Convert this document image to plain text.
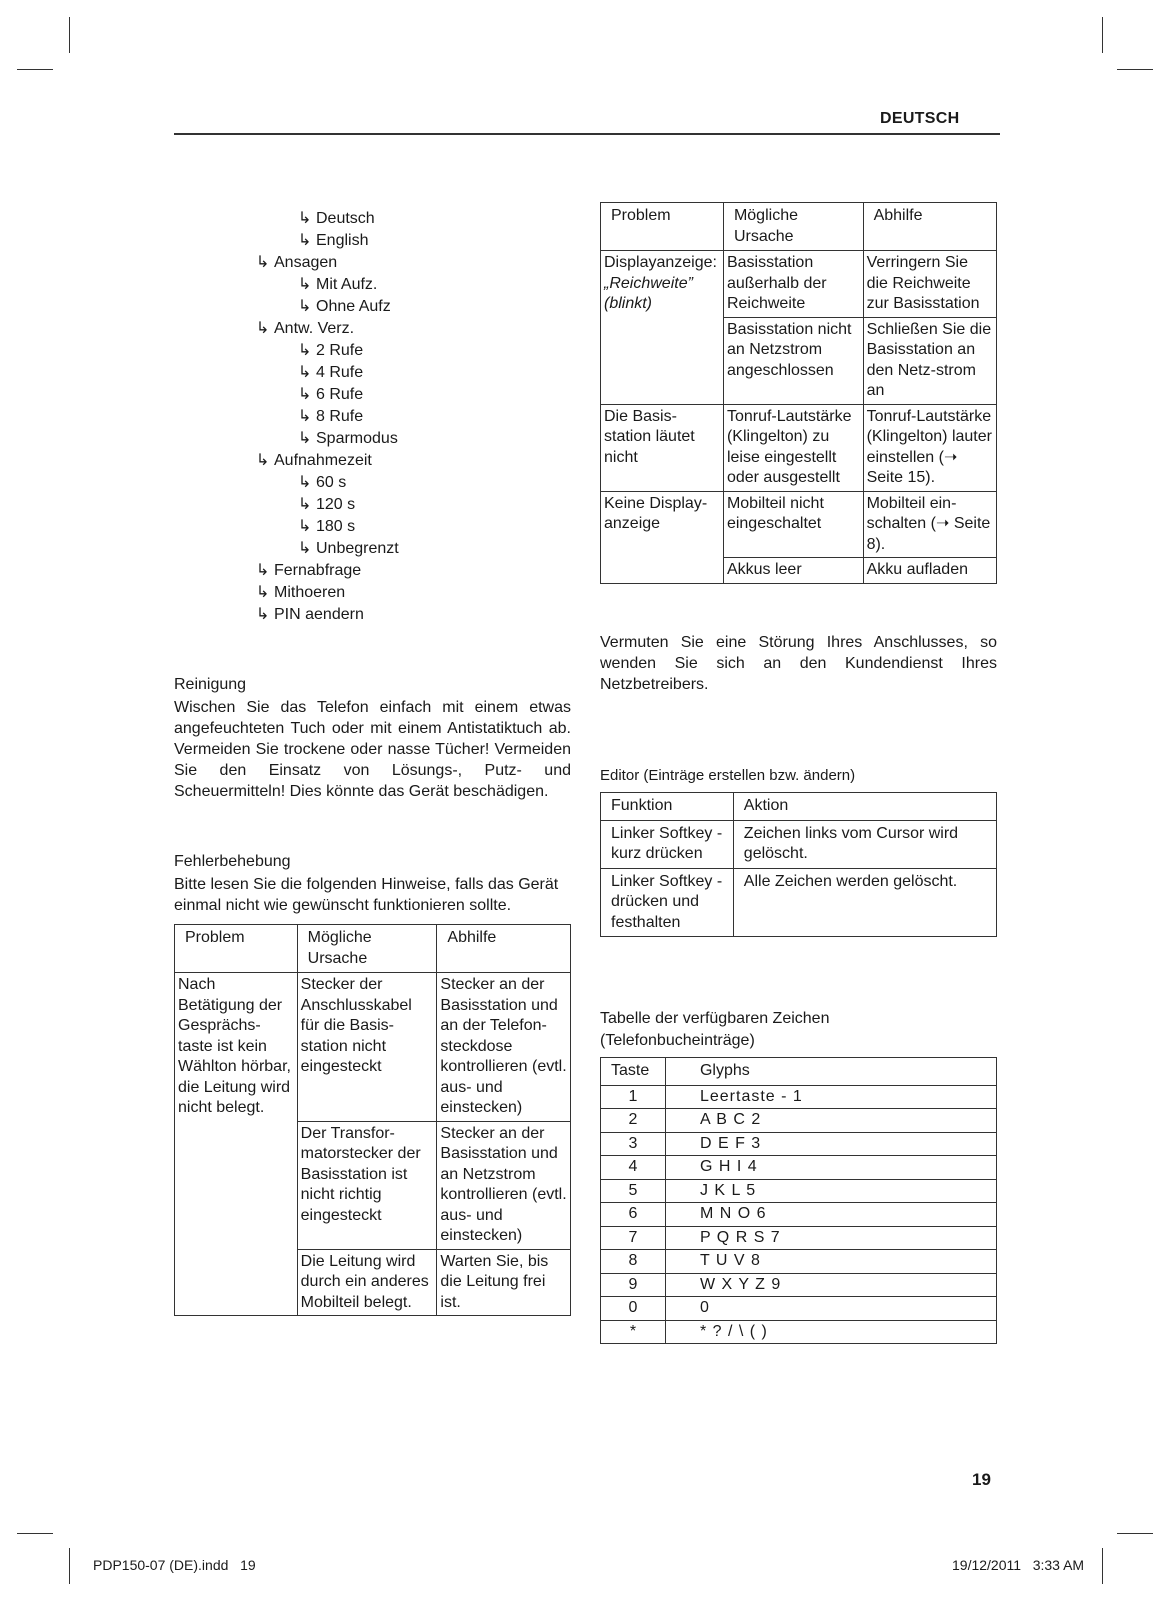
DEUTSCH
↳ Deutsch
↳ English
↳ Ansagen
↳ Mit Aufz.
↳ Ohne Aufz
↳ Antw. Verz.
↳ 2 Rufe
↳ 4 Rufe
↳ 6 Rufe
↳ 8 Rufe
↳ Sparmodus
↳ Aufnahmezeit
↳ 60 s
↳ 120 s
↳ 180 s
↳ Unbegrenzt
↳ Fernabfrage
↳ Mithoeren
↳ PIN aendern
Reinigung
Wischen Sie das Telefon einfach mit einem etwas angefeuchteten Tuch oder mit einem Antistatiktuch ab. Vermeiden Sie trockene oder nasse Tücher! Vermeiden Sie den Einsatz von Lösungs-, Putz- und Scheuermitteln! Dies könnte das Gerät beschädigen.
Fehlerbehebung
Bitte lesen Sie die folgenden Hinweise, falls das Gerät einmal nicht wie gewünscht funktionieren sollte.
Problem	Mögliche Ursache	Abhilfe
Nach Betätigung der Gesprächs-taste ist kein Wählton hörbar, die Leitung wird nicht belegt.	Stecker der Anschlusskabel für die Basis-station nicht eingesteckt	Stecker an der Basisstation und an der Telefon-steckdose kontrollieren (evtl. aus- und einstecken)
	Der Transfor-matorstecker der Basisstation ist nicht richtig eingesteckt	Stecker an der Basisstation und an Netzstrom kontrollieren (evtl. aus- und einstecken)
	Die Leitung wird durch ein anderes Mobilteil belegt.	Warten Sie, bis die Leitung frei ist.
Problem	Mögliche Ursache	Abhilfe
Displayanzeige:
„Reichweite”
(blinkt)	Basisstation außerhalb der Reichweite	Verringern Sie die Reichweite zur Basisstation
	Basisstation nicht an Netzstrom angeschlossen	Schließen Sie die Basisstation an den Netz-strom an
Die Basis-station läutet nicht	Tonruf-Lautstärke (Klingelton) zu leise eingestellt oder ausgestellt	Tonruf-Lautstärke (Klingelton) lauter einstellen (➝ Seite 15).
Keine Display-anzeige	Mobilteil nicht eingeschaltet	Mobilteil ein-schalten (➝ Seite 8).
	Akkus leer	Akku aufladen
Vermuten Sie eine Störung Ihres Anschlusses, so wenden Sie sich an den Kundendienst Ihres Netzbetreibers.
Editor (Einträge erstellen bzw. ändern)
Funktion	Aktion
Linker Softkey - kurz drücken	Zeichen links vom Cursor wird gelöscht.
Linker Softkey - drücken und festhalten	Alle Zeichen werden gelöscht.
Tabelle der verfügbaren Zeichen
(Telefonbucheinträge)
Taste	Glyphs
1	Leertaste - 1
2	A B C 2
3	D E F 3
4	G H I 4
5	J K L 5
6	M N O 6
7	P Q R S 7
8	T U V 8
9	W X Y Z 9
0	0
*	* ? / \ ( )
19
PDP150-07 (DE).indd   19	19/12/2011   3:33 AM
